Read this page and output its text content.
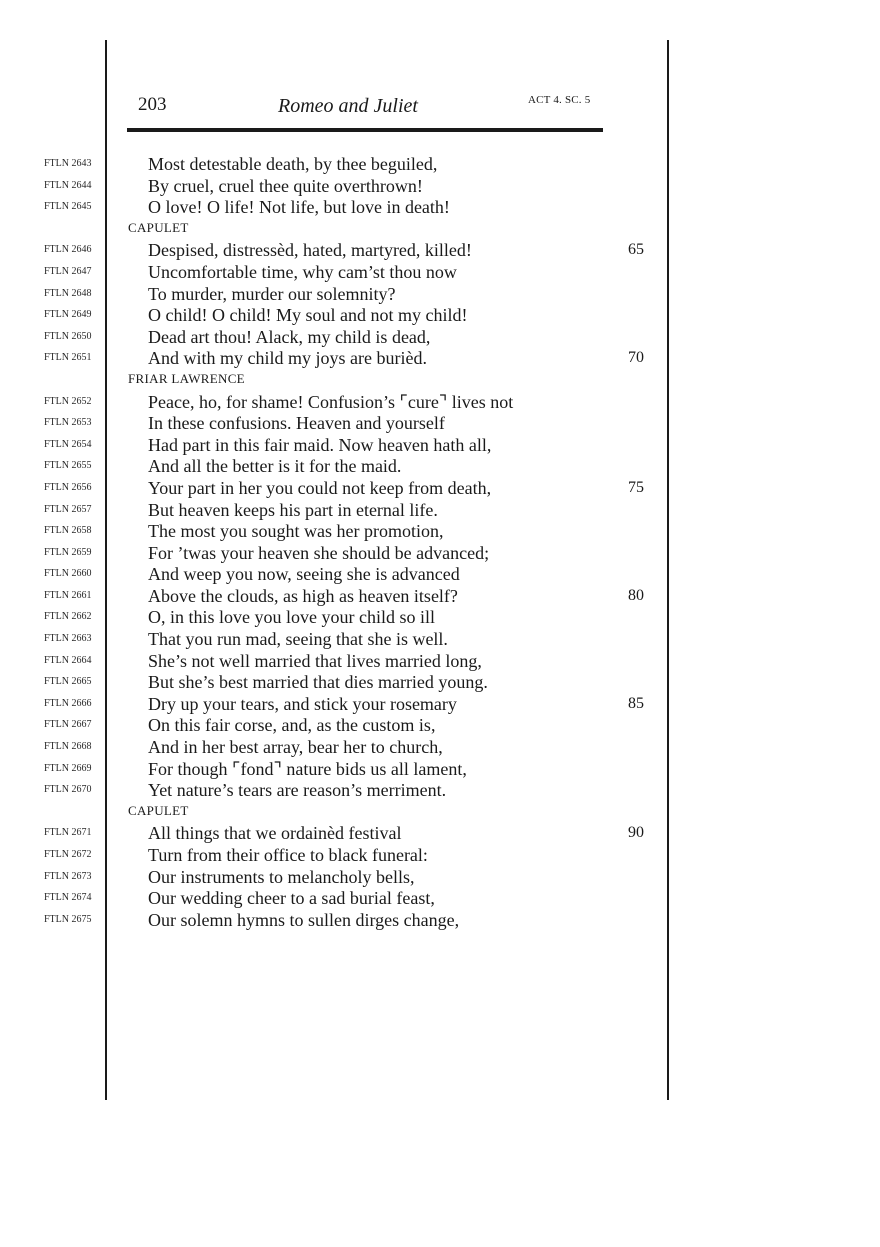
203	Romeo and Juliet	ACT 4. SC. 5
FTLN 2643	Most detestable death, by thee beguiled,
FTLN 2644	By cruel, cruel thee quite overthrown!
FTLN 2645	O love! O life! Not life, but love in death!
CAPULET
FTLN 2646	Despised, distressèd, hated, martyred, killed!	65
FTLN 2647	Uncomfortable time, why cam’st thou now
FTLN 2648	To murder, murder our solemnity?
FTLN 2649	O child! O child! My soul and not my child!
FTLN 2650	Dead art thou! Alack, my child is dead,
FTLN 2651	And with my child my joys are burièd.	70
FRIAR LAWRENCE
FTLN 2652	Peace, ho, for shame! Confusion’s ⌜cure⌝ lives not
FTLN 2653	In these confusions. Heaven and yourself
FTLN 2654	Had part in this fair maid. Now heaven hath all,
FTLN 2655	And all the better is it for the maid.
FTLN 2656	Your part in her you could not keep from death,	75
FTLN 2657	But heaven keeps his part in eternal life.
FTLN 2658	The most you sought was her promotion,
FTLN 2659	For ’twas your heaven she should be advanced;
FTLN 2660	And weep you now, seeing she is advanced
FTLN 2661	Above the clouds, as high as heaven itself?	80
FTLN 2662	O, in this love you love your child so ill
FTLN 2663	That you run mad, seeing that she is well.
FTLN 2664	She’s not well married that lives married long,
FTLN 2665	But she’s best married that dies married young.
FTLN 2666	Dry up your tears, and stick your rosemary	85
FTLN 2667	On this fair corse, and, as the custom is,
FTLN 2668	And in her best array, bear her to church,
FTLN 2669	For though ⌜fond⌝ nature bids us all lament,
FTLN 2670	Yet nature’s tears are reason’s merriment.
CAPULET
FTLN 2671	All things that we ordainèd festival	90
FTLN 2672	Turn from their office to black funeral:
FTLN 2673	Our instruments to melancholy bells,
FTLN 2674	Our wedding cheer to a sad burial feast,
FTLN 2675	Our solemn hymns to sullen dirges change,
